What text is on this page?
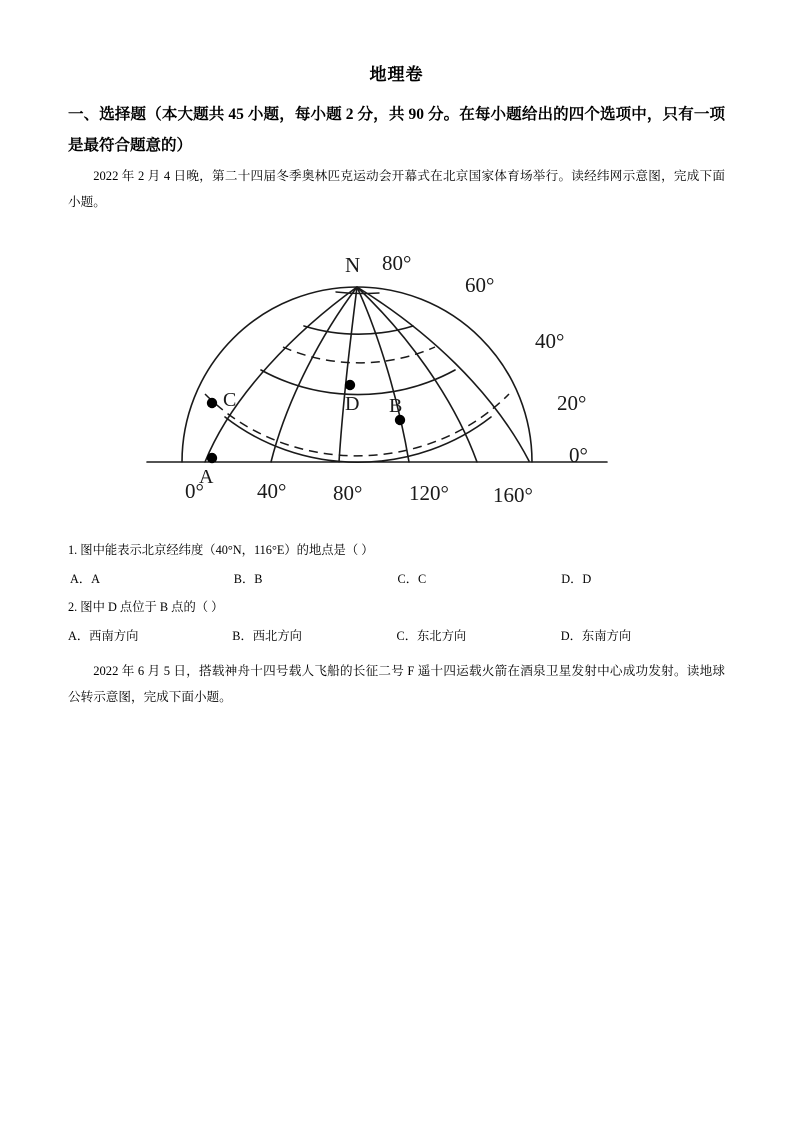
地理卷
一、选择题（本大题共 45 小题，每小题 2 分，共 90 分。在每小题给出的四个选项中，只有一项是最符合题意的）

2022 年 2 月 4 日晚，第二十四届冬季奥林匹克运动会开幕式在北京国家体育场举行。读经纬网示意图，完成下面小题。

C	D B
A
N 80°
60°
40°
20°
0°
0°	40° 80° 120° 160°

1. 图中能表示北京经纬度（40°N，116°E）的地点是（ ）

A．A	B．B	C．C	D．D

2. 图中 D 点位于 B 点的（ ）

A．西南方向	B．西北方向	C．东北方向	D．东南方向

2022 年 6 月 5 日，搭载神舟十四号载人飞船的长征二号 F 遥十四运载火箭在酒泉卫星发射中心成功发射。读地球公转示意图，完成下面小题。
